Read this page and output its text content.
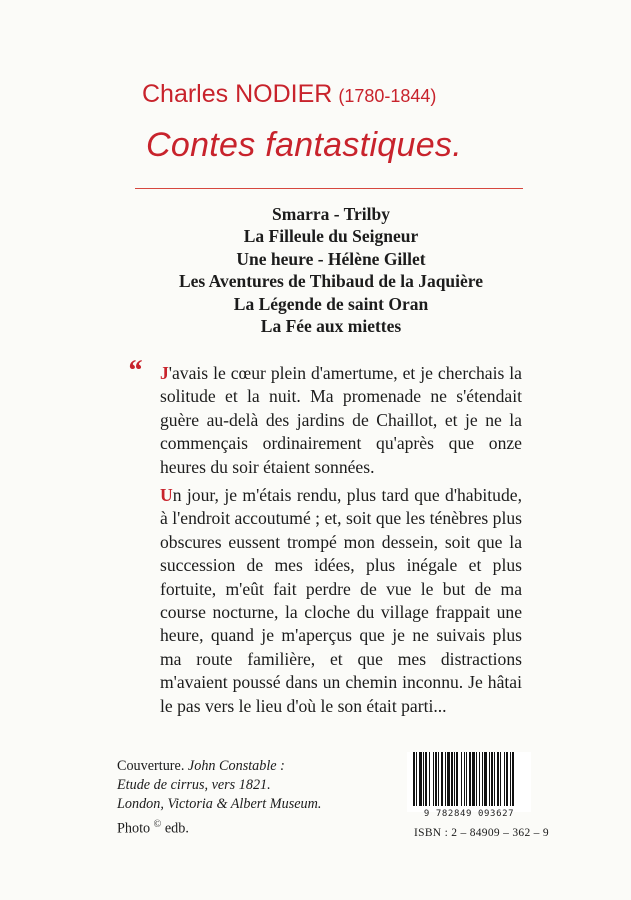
Charles NODIER (1780-1844)
Contes fantastiques.
Smarra - Trilby
La Filleule du Seigneur
Une heure - Hélène Gillet
Les Aventures de Thibaud de la Jaquière
La Légende de saint Oran
La Fée aux miettes
“ J'avais le cœur plein d'amertume, et je cherchais la solitude et la nuit. Ma promenade ne s'étendait guère au-delà des jardins de Chaillot, et je ne la commençais ordinairement qu'après que onze heures du soir étaient sonnées.

Un jour, je m'étais rendu, plus tard que d'habitude, à l'endroit accoutumé ; et, soit que les ténèbres plus obscures eussent trompé mon dessein, soit que la succession de mes idées, plus inégale et plus fortuite, m'eût fait perdre de vue le but de ma course nocturne, la cloche du village frappait une heure, quand je m'aperçus que je ne suivais plus ma route familière, et que mes distractions m'avaient poussé dans un chemin inconnu. Je hâtai le pas vers le lieu d'où le son était parti...

Couverture. John Constable :
Etude de cirrus, vers 1821.
London, Victoria & Albert Museum.
Photo © edb.
9 782849 093627
ISBN : 2 – 84909 – 362 – 9
